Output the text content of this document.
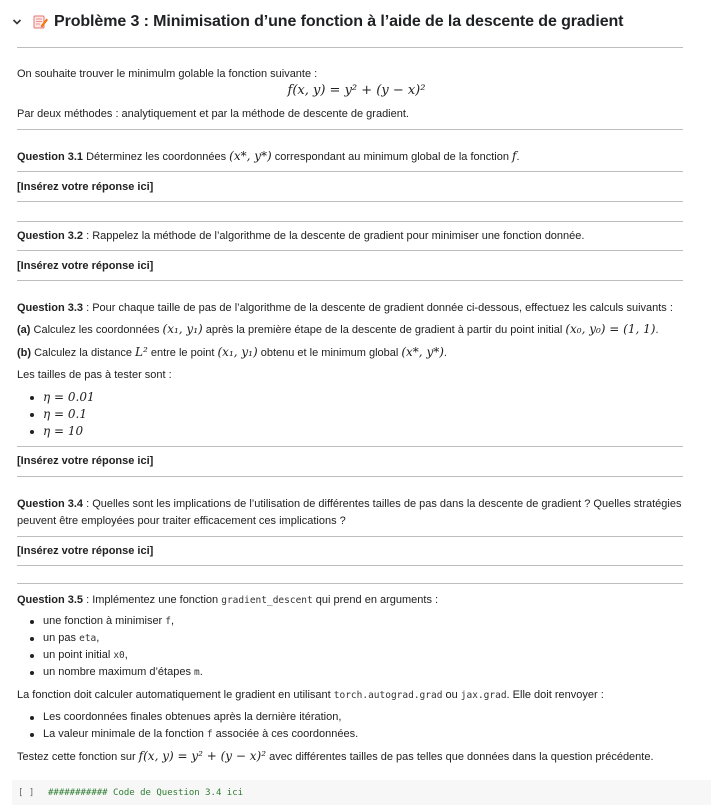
Problème 3 : Minimisation d’une fonction à l’aide de la descente de gradient
On souhaite trouver le minimulm golable la fonction suivante :
f(x, y) = y² + (y − x)²
Par deux méthodes : analytiquement et par la méthode de descente de gradient.
Question 3.1 Déterminez les coordonnées (x*, y*) correspondant au minimum global de la fonction f.
[Insérez votre réponse ici]
Question 3.2 : Rappelez la méthode de l’algorithme de la descente de gradient pour minimiser une fonction donnée.
[Insérez votre réponse ici]
Question 3.3 : Pour chaque taille de pas de l’algorithme de la descente de gradient donnée ci-dessous, effectuez les calculs suivants :
(a) Calculez les coordonnées (x₁, y₁) après la première étape de la descente de gradient à partir du point initial (x₀, y₀) = (1, 1).
(b) Calculez la distance L² entre le point (x₁, y₁) obtenu et le minimum global (x*, y*).
Les tailles de pas à tester sont :
η = 0.01
η = 0.1
η = 10
[Insérez votre réponse ici]
Question 3.4 : Quelles sont les implications de l’utilisation de différentes tailles de pas dans la descente de gradient ? Quelles stratégies
peuvent être employées pour traiter efficacement ces implications ?
[Insérez votre réponse ici]
Question 3.5 : Implémentez une fonction gradient_descent qui prend en arguments :
une fonction à minimiser f,
un pas eta,
un point initial x0,
un nombre maximum d’étapes m.
La fonction doit calculer automatiquement le gradient en utilisant torch.autograd.grad ou jax.grad. Elle doit renvoyer :
Les coordonnées finales obtenues après la dernière itération,
La valeur minimale de la fonction f associée à ces coordonnées.
Testez cette fonction sur f(x, y) = y² + (y − x)² avec différentes tailles de pas telles que données dans la question précédente.
[ ]	########### Code de Question 3.4 ici
